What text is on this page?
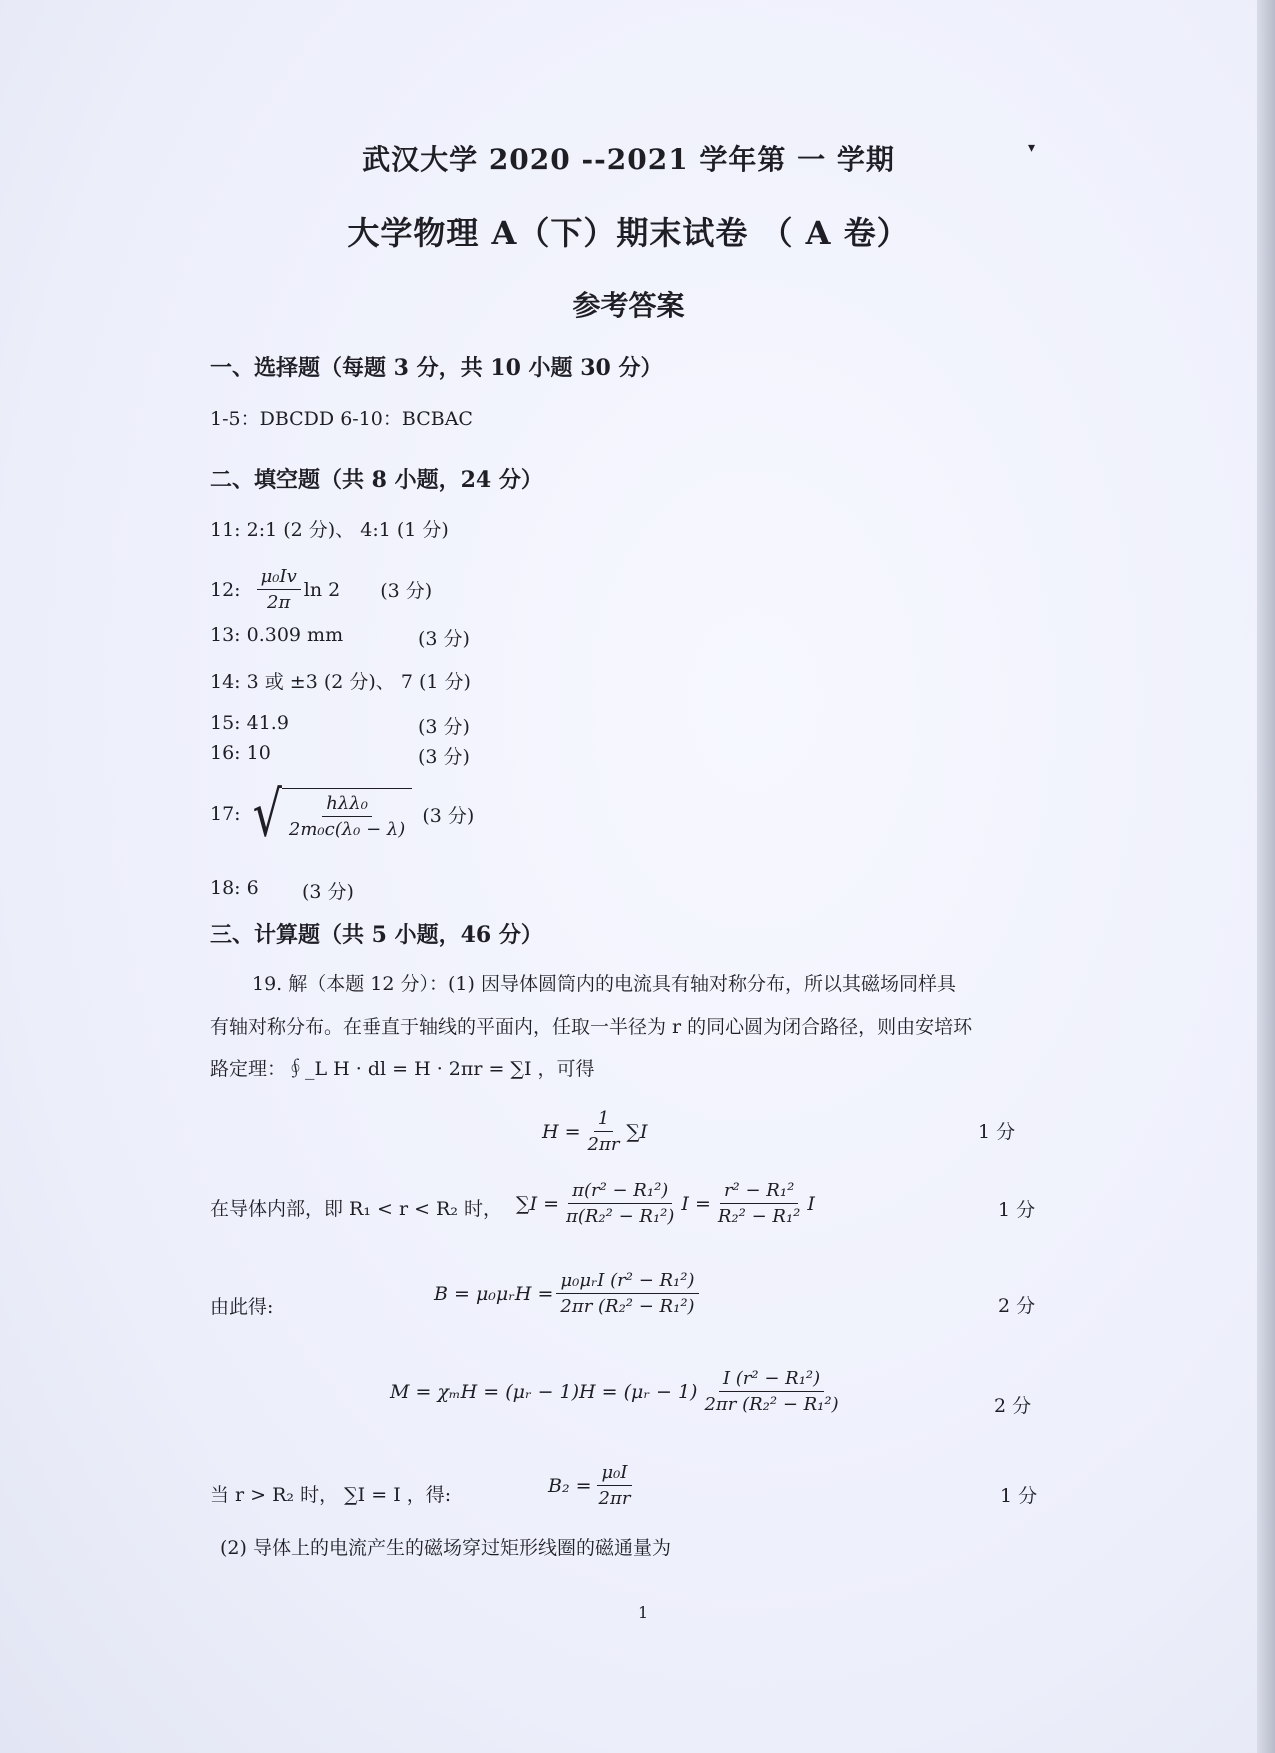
▾
武汉大学 2020 --2021 学年第 一 学期
大学物理 A（下）期末试卷 （ A 卷）
参考答案
一、选择题（每题 3 分，共 10 小题 30 分）
1-5：DBCDD 6-10：BCBAC
二、填空题（共 8 小题，24 分）
11: 2:1 (2 分)、 4:1 (1 分)
12: $\frac{\text{μ₀Iv}}{2\pi}$ ln 2 (3 分)
13: 0.309 mm	(3 分)
14: 3 或 ±3 (2 分)、 7 (1 分)
15: 41.9	(3 分)
16: 10	(3 分)
17: √ $\frac{\text{hλλ₀}}{\text{2m₀c(λ₀ − λ)}} (3$ 分)
18: 6 (3 分)
三、计算题（共 5 小题，46 分）
19. 解（本题 12 分）：(1) 因导体圆筒内的电流具有轴对称分布，所以其磁场同样具
有轴对称分布。在垂直于轴线的平面内，任取一半径为 r 的同心圆为闭合路径，则由安培环
路定理：∮_L H · dl = H · 2πr = ∑I ，可得
$H = \frac{1}{2\pi r} \sum I$	1 分
在导体内部，即 R₁ < r < R₂ 时， $\sum I = \frac{\text{π(r² − R₁²)}}{\text{π(R₂² − R₁²)}}$ $I = \frac{\text{r² − R₁²}}{\text{R₂² − R₁²}}$ I	1 分
由此得:
B = μ₀μᵣH = $\frac{\text{μ₀μᵣI (r² − R₁²)}}{\text{2πr (R₂² − R₁²)}}$	2 分
M = χₘH = (μᵣ − 1)H = (μᵣ − $1) \frac{\text{I (r² − R₁²)}}{\text{2πr (R₂² − R₁²)}}$	2 分
当 r > R₂ 时， ∑I = I ，得:	$B_2 = \frac{\text{μ₀I}}{2\pi r}$	1 分
(2) 导体上的电流产生的磁场穿过矩形线圈的磁通量为
1
